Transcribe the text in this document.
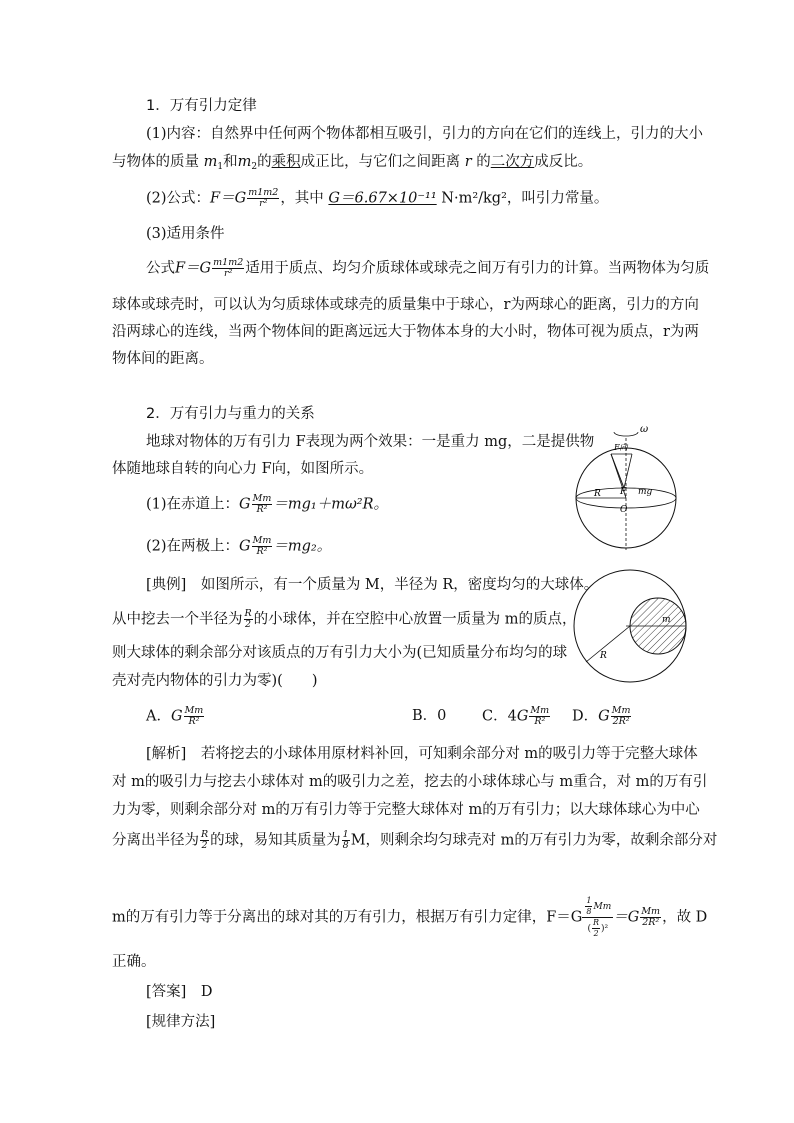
1．万有引力定律
(1)内容：自然界中任何两个物体都相互吸引，引力的方向在它们的连线上，引力的大小
与物体的质量 $m_1$和$m_2$的乘积成正比，与它们之间距离 r 的二次方成反比。
(2)公式：$F=G \frac{m1m2}{\text{r²}}$ ，其中 G＝6.67×10⁻¹¹ N·m²/kg²，叫引力常量。
(3)适用条件
公式$F=G \frac{m1m2}{\text{r²}}$ 适用于质点、均匀介质球体或球壳之间万有引力的计算。当两物体为匀质
球体或球壳时，可以认为匀质球体或球壳的质量集中于球心，r为两球心的距离，引力的方向
沿两球心的连线，当两个物体间的距离远远大于物体本身的大小时，物体可视为质点，r为两
物体间的距离。
2．万有引力与重力的关系
地球对物体的万有引力 F表现为两个效果：一是重力 mg，二是提供物
体随地球自转的向心力 F向，如图所示。
(1)在赤道上：G $\frac{Mm}{\text{R²}} =mg_1+m\omega^2R$。
(2)在两极上：G $\frac{Mm}{\text{R²}} =mg_2$。
ω
F向
R F mg
O
[典例]　 如图所示，有一个质量为 M，半径为 R，密度均匀的大球体。
从中挖去一个半径为 $\frac{R}{2}$ 的小球体，并在空腔中心放置一质量为 m的质点，
则大球体的剩余部分对该质点的万有引力大小为(已知质量分布均匀的球
壳对壳内物体的引力为零)(　　)
m
R
A．G $\frac{Mm}{\text{R²}}$	B．0 C．$4G \frac{Mm}{\text{R²}}$ D．G $\frac{Mm}{\text{2R²}}$
[解析]　 若将挖去的小球体用原材料补回，可知剩余部分对 m的吸引力等于完整大球体
对 m的吸引力与挖去小球体对 m的吸引力之差，挖去的小球体球心与 m重合，对 m的万有引
力为零，则剩余部分对 m的万有引力等于完整大球体对 m的万有引力；以大球体球心为中心
分离出半径为 $\frac{R}{2}$ 的球，易知其质量为 $\frac{1}{8}$ M，则剩余均匀球壳对 m的万有引力为零，故剩余部分对
m的万有引力等于分离出的球对其的万有引力，根据万有引力定律，$F=G \frac{\frac{1}{8} Mm}{( \frac{R}{2} )^2} =G \frac{Mm}{\text{2R²}}$ ，故 D
正确。
[答案]　D
[规律方法]
